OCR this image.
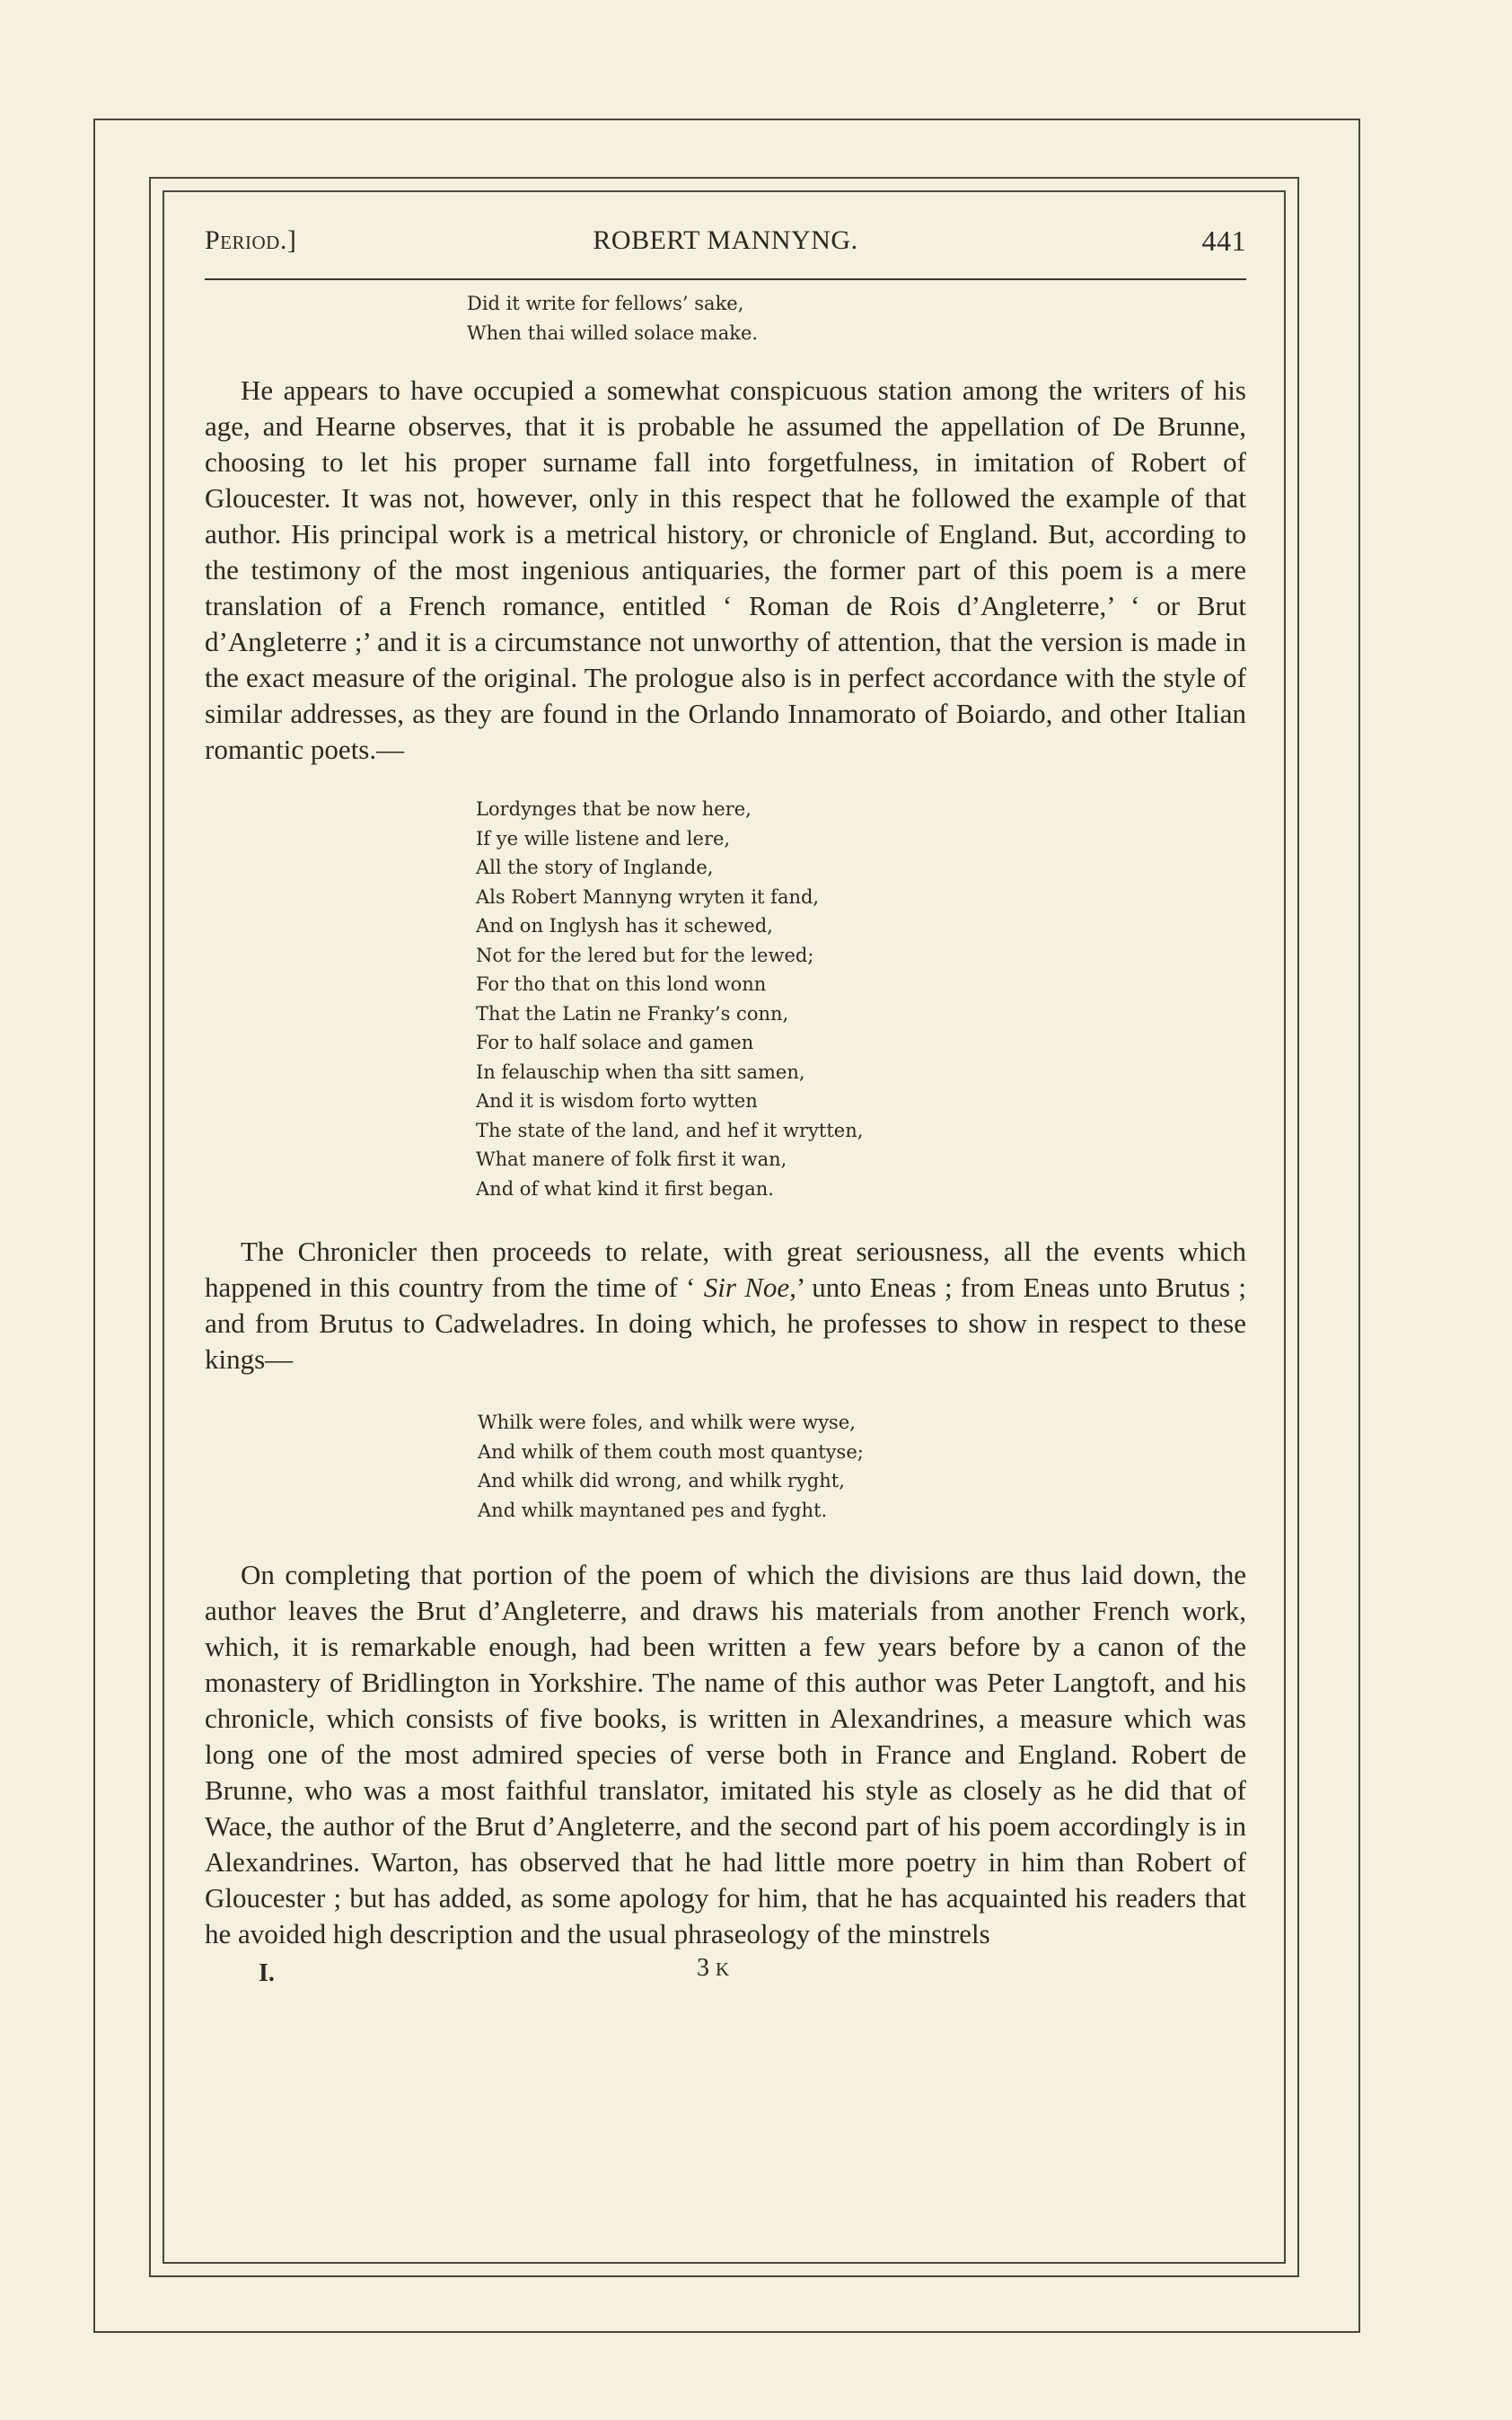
Period.]	ROBERT MANNYNG.	441
Did it write for fellows’ sake,
When thai willed solace make.

He appears to have occupied a somewhat conspicuous station among the writers of his age, and Hearne observes, that it is probable he assumed the appellation of De Brunne, choosing to let his proper surname fall into forgetfulness, in imitation of Robert of Gloucester. It was not, however, only in this respect that he followed the example of that author. His principal work is a metrical history, or chronicle of England. But, according to the testimony of the most ingenious antiquaries, the former part of this poem is a mere translation of a French romance, entitled ‘ Roman de Rois d’Angleterre,’ ‘ or Brut d’Angleterre ;’ and it is a circumstance not unworthy of attention, that the version is made in the exact measure of the original. The prologue also is in perfect accordance with the style of similar addresses, as they are found in the Orlando Innamorato of Boiardo, and other Italian romantic poets.—

Lordynges that be now here,
If ye wille listene and lere,
All the story of Inglande,
Als Robert Mannyng wryten it fand,
And on Inglysh has it schewed,
Not for the lered but for the lewed;
For tho that on this lond wonn
That the Latin ne Franky’s conn,
For to half solace and gamen
In felauschip when tha sitt samen,
And it is wisdom forto wytten
The state of the land, and hef it wrytten,
What manere of folk first it wan,
And of what kind it first began.

The Chronicler then proceeds to relate, with great seriousness, all the events which happened in this country from the time of ‘ Sir Noe,’ unto Eneas ; from Eneas unto Brutus ; and from Brutus to Cadweladres. In doing which, he professes to show in respect to these kings—

Whilk were foles, and whilk were wyse,
And whilk of them couth most quantyse;
And whilk did wrong, and whilk ryght,
And whilk mayntaned pes and fyght.

On completing that portion of the poem of which the divisions are thus laid down, the author leaves the Brut d’Angleterre, and draws his materials from another French work, which, it is remarkable enough, had been written a few years before by a canon of the monastery of Bridlington in Yorkshire. The name of this author was Peter Langtoft, and his chronicle, which consists of five books, is written in Alexandrines, a measure which was long one of the most admired species of verse both in France and England. Robert de Brunne, who was a most faithful translator, imitated his style as closely as he did that of Wace, the author of the Brut d’Angleterre, and the second part of his poem accordingly is in Alexandrines. Warton, has observed that he had little more poetry in him than Robert of Gloucester ; but has added, as some apology for him, that he has acquainted his readers that he avoided high description and the usual phraseology of the minstrels

I.	3 K
